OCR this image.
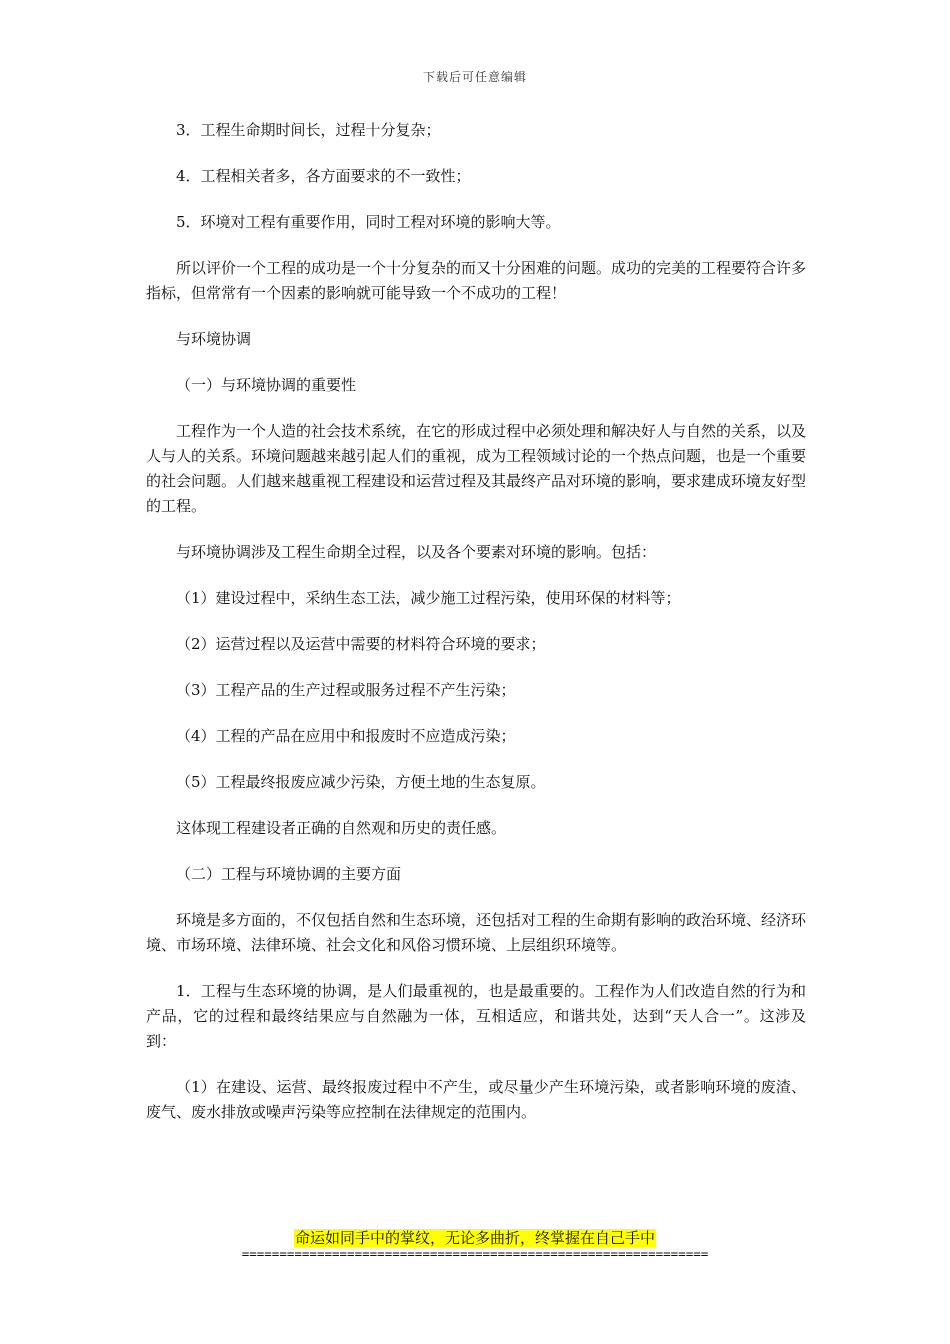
下载后可任意编辑

3．工程生命期时间长，过程十分复杂；

4．工程相关者多，各方面要求的不一致性；

5．环境对工程有重要作用，同时工程对环境的影响大等。

所以评价一个工程的成功是一个十分复杂的而又十分困难的问题。成功的完美的工程要符合许多指标，但常常有一个因素的影响就可能导致一个不成功的工程！

与环境协调

（一）与环境协调的重要性

工程作为一个人造的社会技术系统，在它的形成过程中必须处理和解决好人与自然的关系，以及人与人的关系。环境问题越来越引起人们的重视，成为工程领域讨论的一个热点问题，也是一个重要的社会问题。人们越来越重视工程建设和运营过程及其最终产品对环境的影响，要求建成环境友好型的工程。

与环境协调涉及工程生命期全过程，以及各个要素对环境的影响。包括：

（1）建设过程中，采纳生态工法，减少施工过程污染，使用环保的材料等；

（2）运营过程以及运营中需要的材料符合环境的要求；

（3）工程产品的生产过程或服务过程不产生污染；

（4）工程的产品在应用中和报废时不应造成污染；

（5）工程最终报废应减少污染，方便土地的生态复原。

这体现工程建设者正确的自然观和历史的责任感。

（二）工程与环境协调的主要方面

环境是多方面的，不仅包括自然和生态环境，还包括对工程的生命期有影响的政治环境、经济环境、市场环境、法律环境、社会文化和风俗习惯环境、上层组织环境等。

1．工程与生态环境的协调，是人们最重视的，也是最重要的。工程作为人们改造自然的行为和产品，它的过程和最终结果应与自然融为一体，互相适应，和谐共处，达到“天人合一”。这涉及到：

（1）在建设、运营、最终报废过程中不产生，或尽量少产生环境污染，或者影响环境的废渣、废气、废水排放或噪声污染等应控制在法律规定的范围内。

命运如同手中的掌纹，无论多曲折，终掌握在自己手中
==============================================================
